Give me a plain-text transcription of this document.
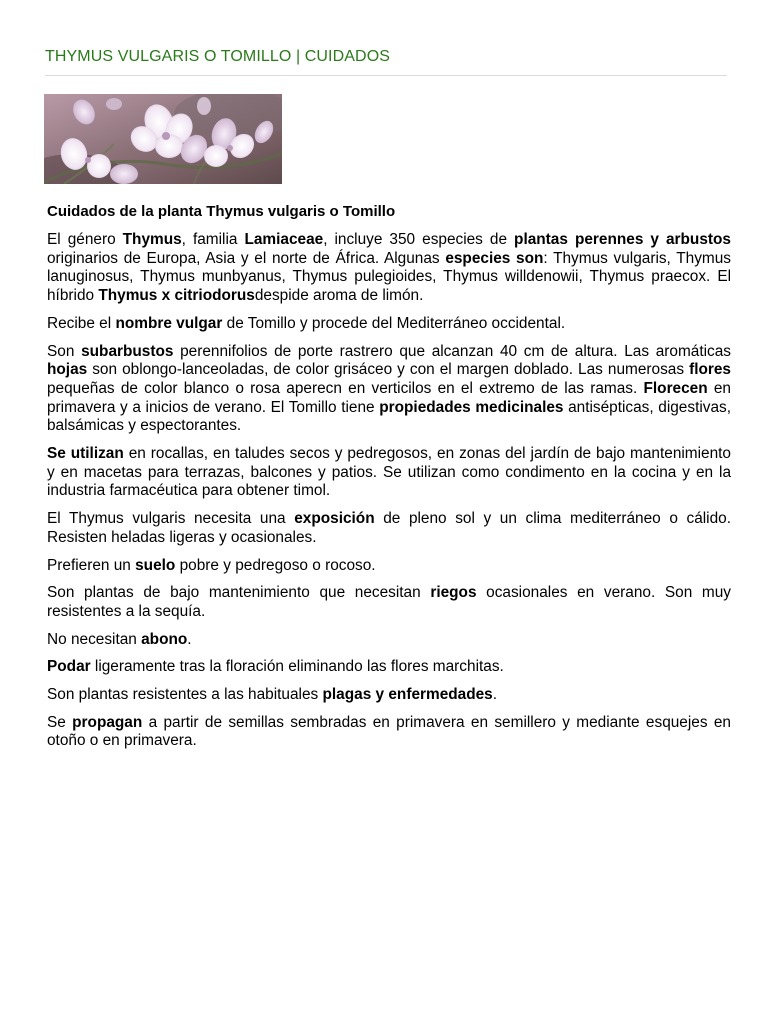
THYMUS VULGARIS O TOMILLO | CUIDADOS
Cuidados de la planta Thymus vulgaris o Tomillo

El género Thymus, familia Lamiaceae, incluye 350 especies de plantas perennes y arbustos originarios de Europa, Asia y el norte de África. Algunas especies son: Thymus vulgaris, Thymus lanuginosus, Thymus munbyanus, Thymus pulegioides, Thymus willdenowii, Thymus praecox. El híbrido Thymus x citriodorusdespide aroma de limón.

Recibe el nombre vulgar de Tomillo y procede del Mediterráneo occidental.

Son subarbustos perennifolios de porte rastrero que alcanzan 40 cm de altura. Las aromáticas hojas son oblongo-lanceoladas, de color grisáceo y con el margen doblado. Las numerosas flores pequeñas de color blanco o rosa aperecn en verticilos en el extremo de las ramas. Florecen en primavera y a inicios de verano. El Tomillo tiene propiedades medicinales antisépticas, digestivas, balsámicas y espectorantes.

Se utilizan en rocallas, en taludes secos y pedregosos, en zonas del jardín de bajo mantenimiento y en macetas para terrazas, balcones y patios. Se utilizan como condimento en la cocina y en la industria farmacéutica para obtener timol.

El Thymus vulgaris necesita una exposición de pleno sol y un clima mediterráneo o cálido. Resisten heladas ligeras y ocasionales.

Prefieren un suelo pobre y pedregoso o rocoso.

Son plantas de bajo mantenimiento que necesitan riegos ocasionales en verano. Son muy resistentes a la sequía.

No necesitan abono.

Podar ligeramente tras la floración eliminando las flores marchitas.

Son plantas resistentes a las habituales plagas y enfermedades.

Se propagan a partir de semillas sembradas en primavera en semillero y mediante esquejes en otoño o en primavera.
